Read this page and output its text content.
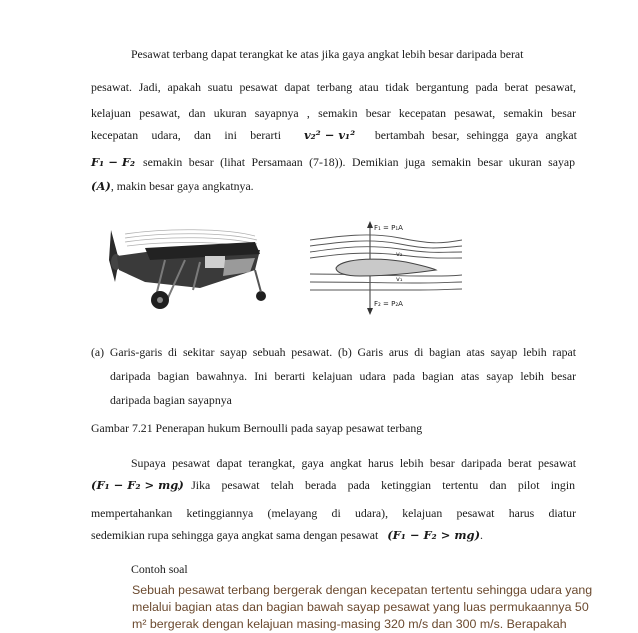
Pesawat terbang dapat terangkat ke atas jika gaya angkat lebih besar daripada berat
pesawat. Jadi, apakah suatu pesawat dapat terbang atau tidak bergantung pada berat pesawat,
kelajuan pesawat, dan ukuran sayapnya , semakin besar kecepatan pesawat, semakin besar
kecepatan udara, dan ini berarti v₂² − v₁² bertambah besar, sehingga gaya angkat
F₁ − F₂ semakin besar (lihat Persamaan (7-18)). Demikian juga semakin besar ukuran sayap
(A), makin besar gaya angkatnya.
F₁ = P₁A
F₂ = P₂A
v₂
v₁
(a) Garis-garis di sekitar sayap sebuah pesawat. (b) Garis arus di bagian atas sayap lebih rapat
daripada bagian bawahnya. Ini berarti kelajuan udara pada bagian atas sayap lebih besar
daripada bagian sayapnya
Gambar 7.21 Penerapan hukum Bernoulli pada sayap pesawat terbang
Supaya pesawat dapat terangkat, gaya angkat harus lebih besar daripada berat pesawat
(F₁ − F₂ > mg). Jika pesawat telah berada pada ketinggian tertentu dan pilot ingin
mempertahankan ketinggiannya (melayang di udara), kelajuan pesawat harus diatur
sedemikian rupa sehingga gaya angkat sama dengan pesawat (F₁ − F₂ > mg).
Contoh soal
Sebuah pesawat terbang bergerak dengan kecepatan tertentu sehingga udara yang
melalui bagian atas dan bagian bawah sayap pesawat yang luas permukaannya 50
m² bergerak dengan kelajuan masing-masing 320 m/s dan 300 m/s. Berapakah
